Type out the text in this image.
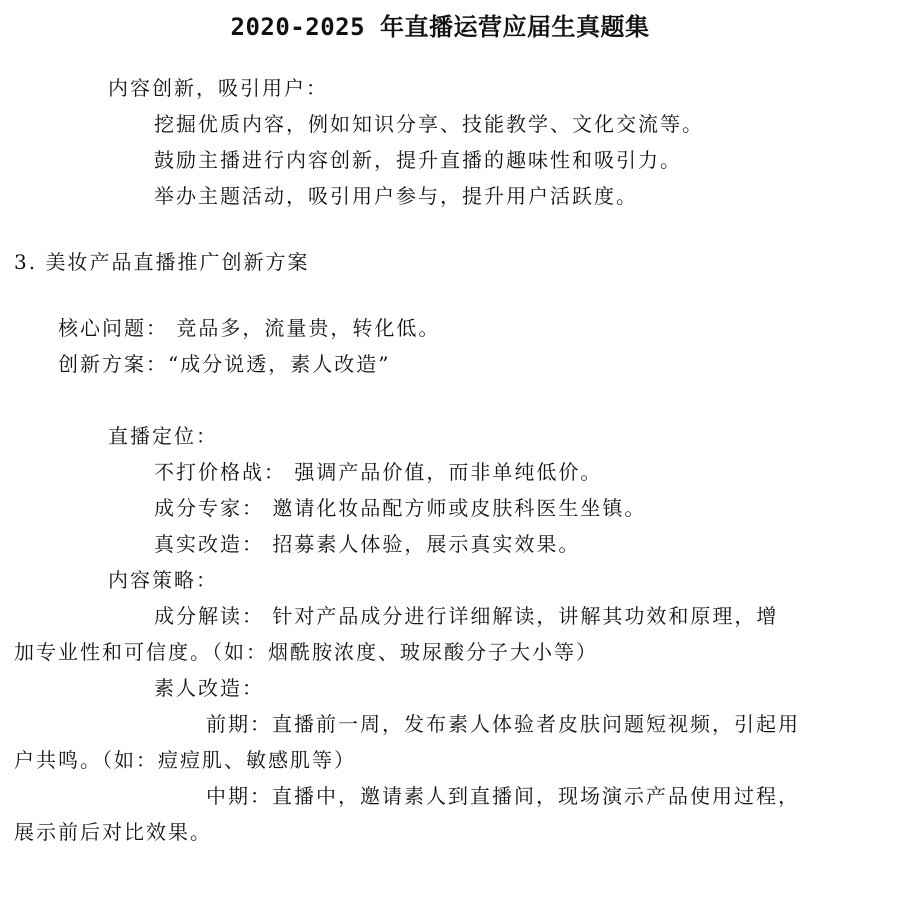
2020-2025 年直播运营应届生真题集
内容创新，吸引用户：
挖掘优质内容，例如知识分享、技能教学、文化交流等。
鼓励主播进行内容创新，提升直播的趣味性和吸引力。
举办主题活动，吸引用户参与，提升用户活跃度。
3. 美妆产品直播推广创新方案
核心问题： 竞品多，流量贵，转化低。
创新方案：“成分说透，素人改造”
直播定位：
不打价格战： 强调产品价值，而非单纯低价。
成分专家： 邀请化妆品配方师或皮肤科医生坐镇。
真实改造： 招募素人体验，展示真实效果。
内容策略：
成分解读： 针对产品成分进行详细解读，讲解其功效和原理，增
加专业性和可信度。（如：烟酰胺浓度、玻尿酸分子大小等）
素人改造：
前期：直播前一周，发布素人体验者皮肤问题短视频，引起用
户共鸣。（如：痘痘肌、敏感肌等）
中期：直播中，邀请素人到直播间，现场演示产品使用过程，
展示前后对比效果。
